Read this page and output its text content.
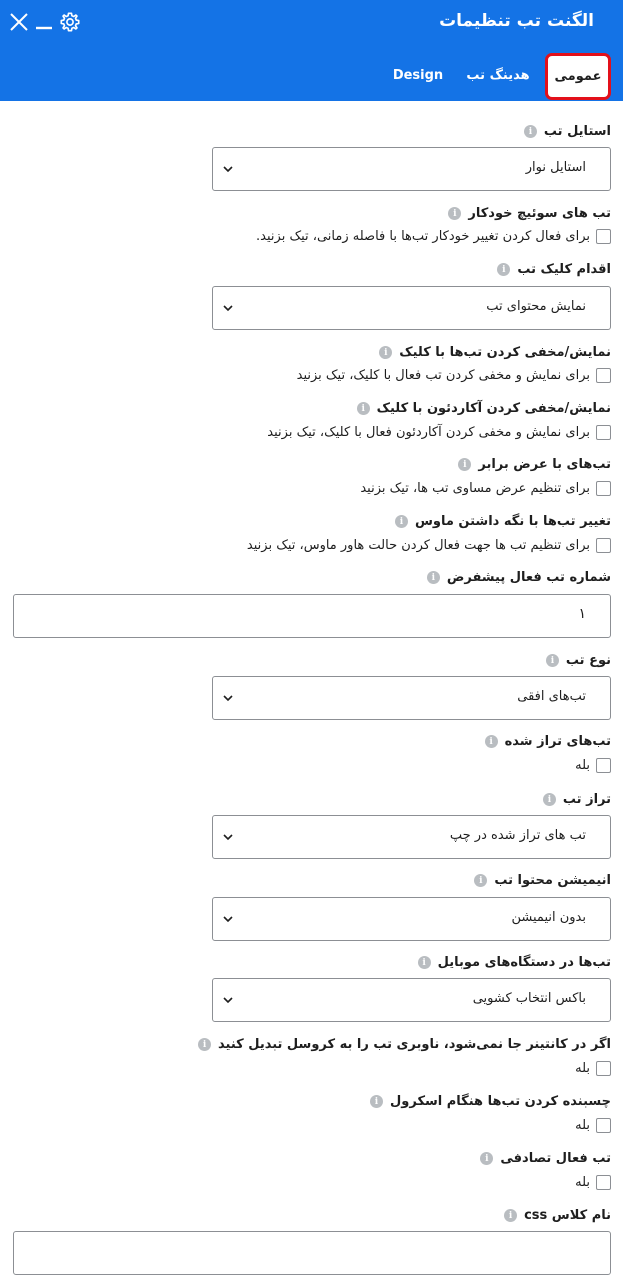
الگنت تب تنظیمات
عمومی
هدینگ تب
Design
استایل تب
i
استایل نوار
تب های سوئیچ خودکار
i
برای فعال کردن تغییر خودکار تب‌ها با فاصله زمانی، تیک بزنید.
اقدام کلیک تب
i
نمایش محتوای تب
نمایش/مخفی کردن تب‌ها با کلیک
i
برای نمایش و مخفی کردن تب فعال با کلیک، تیک بزنید
نمایش/مخفی کردن آکاردئون با کلیک
i
برای نمایش و مخفی کردن آکاردئون فعال با کلیک، تیک بزنید
تب‌های با عرض برابر
i
برای تنظیم عرض مساوی تب ها، تیک بزنید
تغییر تب‌ها با نگه داشتن ماوس
i
برای تنظیم تب ها جهت فعال کردن حالت هاور ماوس، تیک بزنید
شماره تب فعال پیشفرض
i
۱
نوع تب
i
تب‌های افقی
تب‌های تراز شده
i
بله
تراز تب
i
تب های تراز شده در چپ
انیمیشن محتوا تب
i
بدون انیمیشن
تب‌ها در دستگاه‌های موبایل
i
باکس انتخاب کشویی
اگر در کانتینر جا نمی‌شود، ناوبری تب را به کروسل تبدیل کنید
i
بله
چسبنده کردن تب‌ها هنگام اسکرول
i
بله
تب فعال تصادفی
i
بله
نام کلاس css
i
